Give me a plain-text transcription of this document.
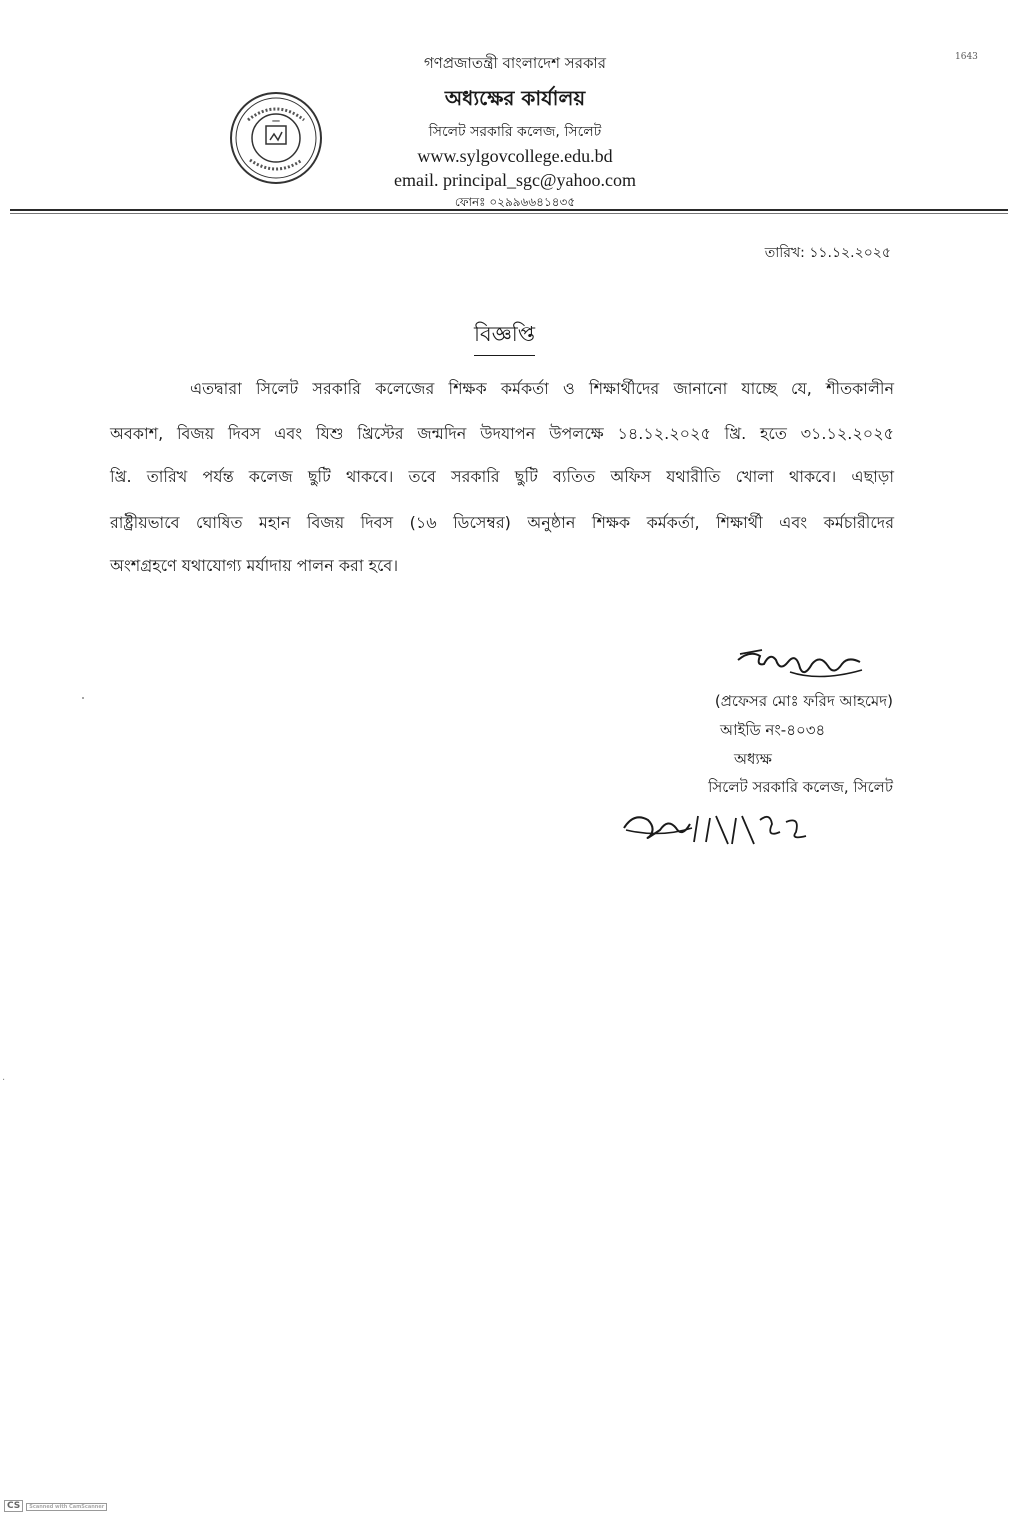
1643
━━
গণপ্রজাতন্ত্রী বাংলাদেশ সরকার
অধ্যক্ষের কার্যালয়
সিলেট সরকারি কলেজ, সিলেট
www.sylgovcollege.edu.bd
email. principal_sgc@yahoo.com
ফোনঃ ০২৯৯৬৬৪১৪৩৫
তারিখ: ১১.১২.২০২৫
বিজ্ঞপ্তি
এতদ্বারা সিলেট সরকারি কলেজের শিক্ষক কর্মকর্তা ও শিক্ষার্থীদের জানানো যাচ্ছে যে, শীতকালীন
অবকাশ, বিজয় দিবস এবং যিশু খ্রিস্টের জন্মদিন উদযাপন উপলক্ষে ১৪.১২.২০২৫ খ্রি. হতে ৩১.১২.২০২৫
খ্রি. তারিখ পর্যন্ত কলেজ ছুটি থাকবে। তবে সরকারি ছুটি ব্যতিত অফিস যথারীতি খোলা থাকবে। এছাড়া
রাষ্ট্রীয়ভাবে ঘোষিত মহান বিজয় দিবস (১৬ ডিসেম্বর) অনুষ্ঠান শিক্ষক কর্মকর্তা, শিক্ষার্থী এবং কর্মচারীদের
অংশগ্রহণে যথাযোগ্য মর্যাদায় পালন করা হবে।
(প্রফেসর মোঃ ফরিদ আহমেদ)
আইডি নং-৪০৩৪
অধ্যক্ষ
সিলেট সরকারি কলেজ, সিলেট
·
CS Scanned with CamScanner
